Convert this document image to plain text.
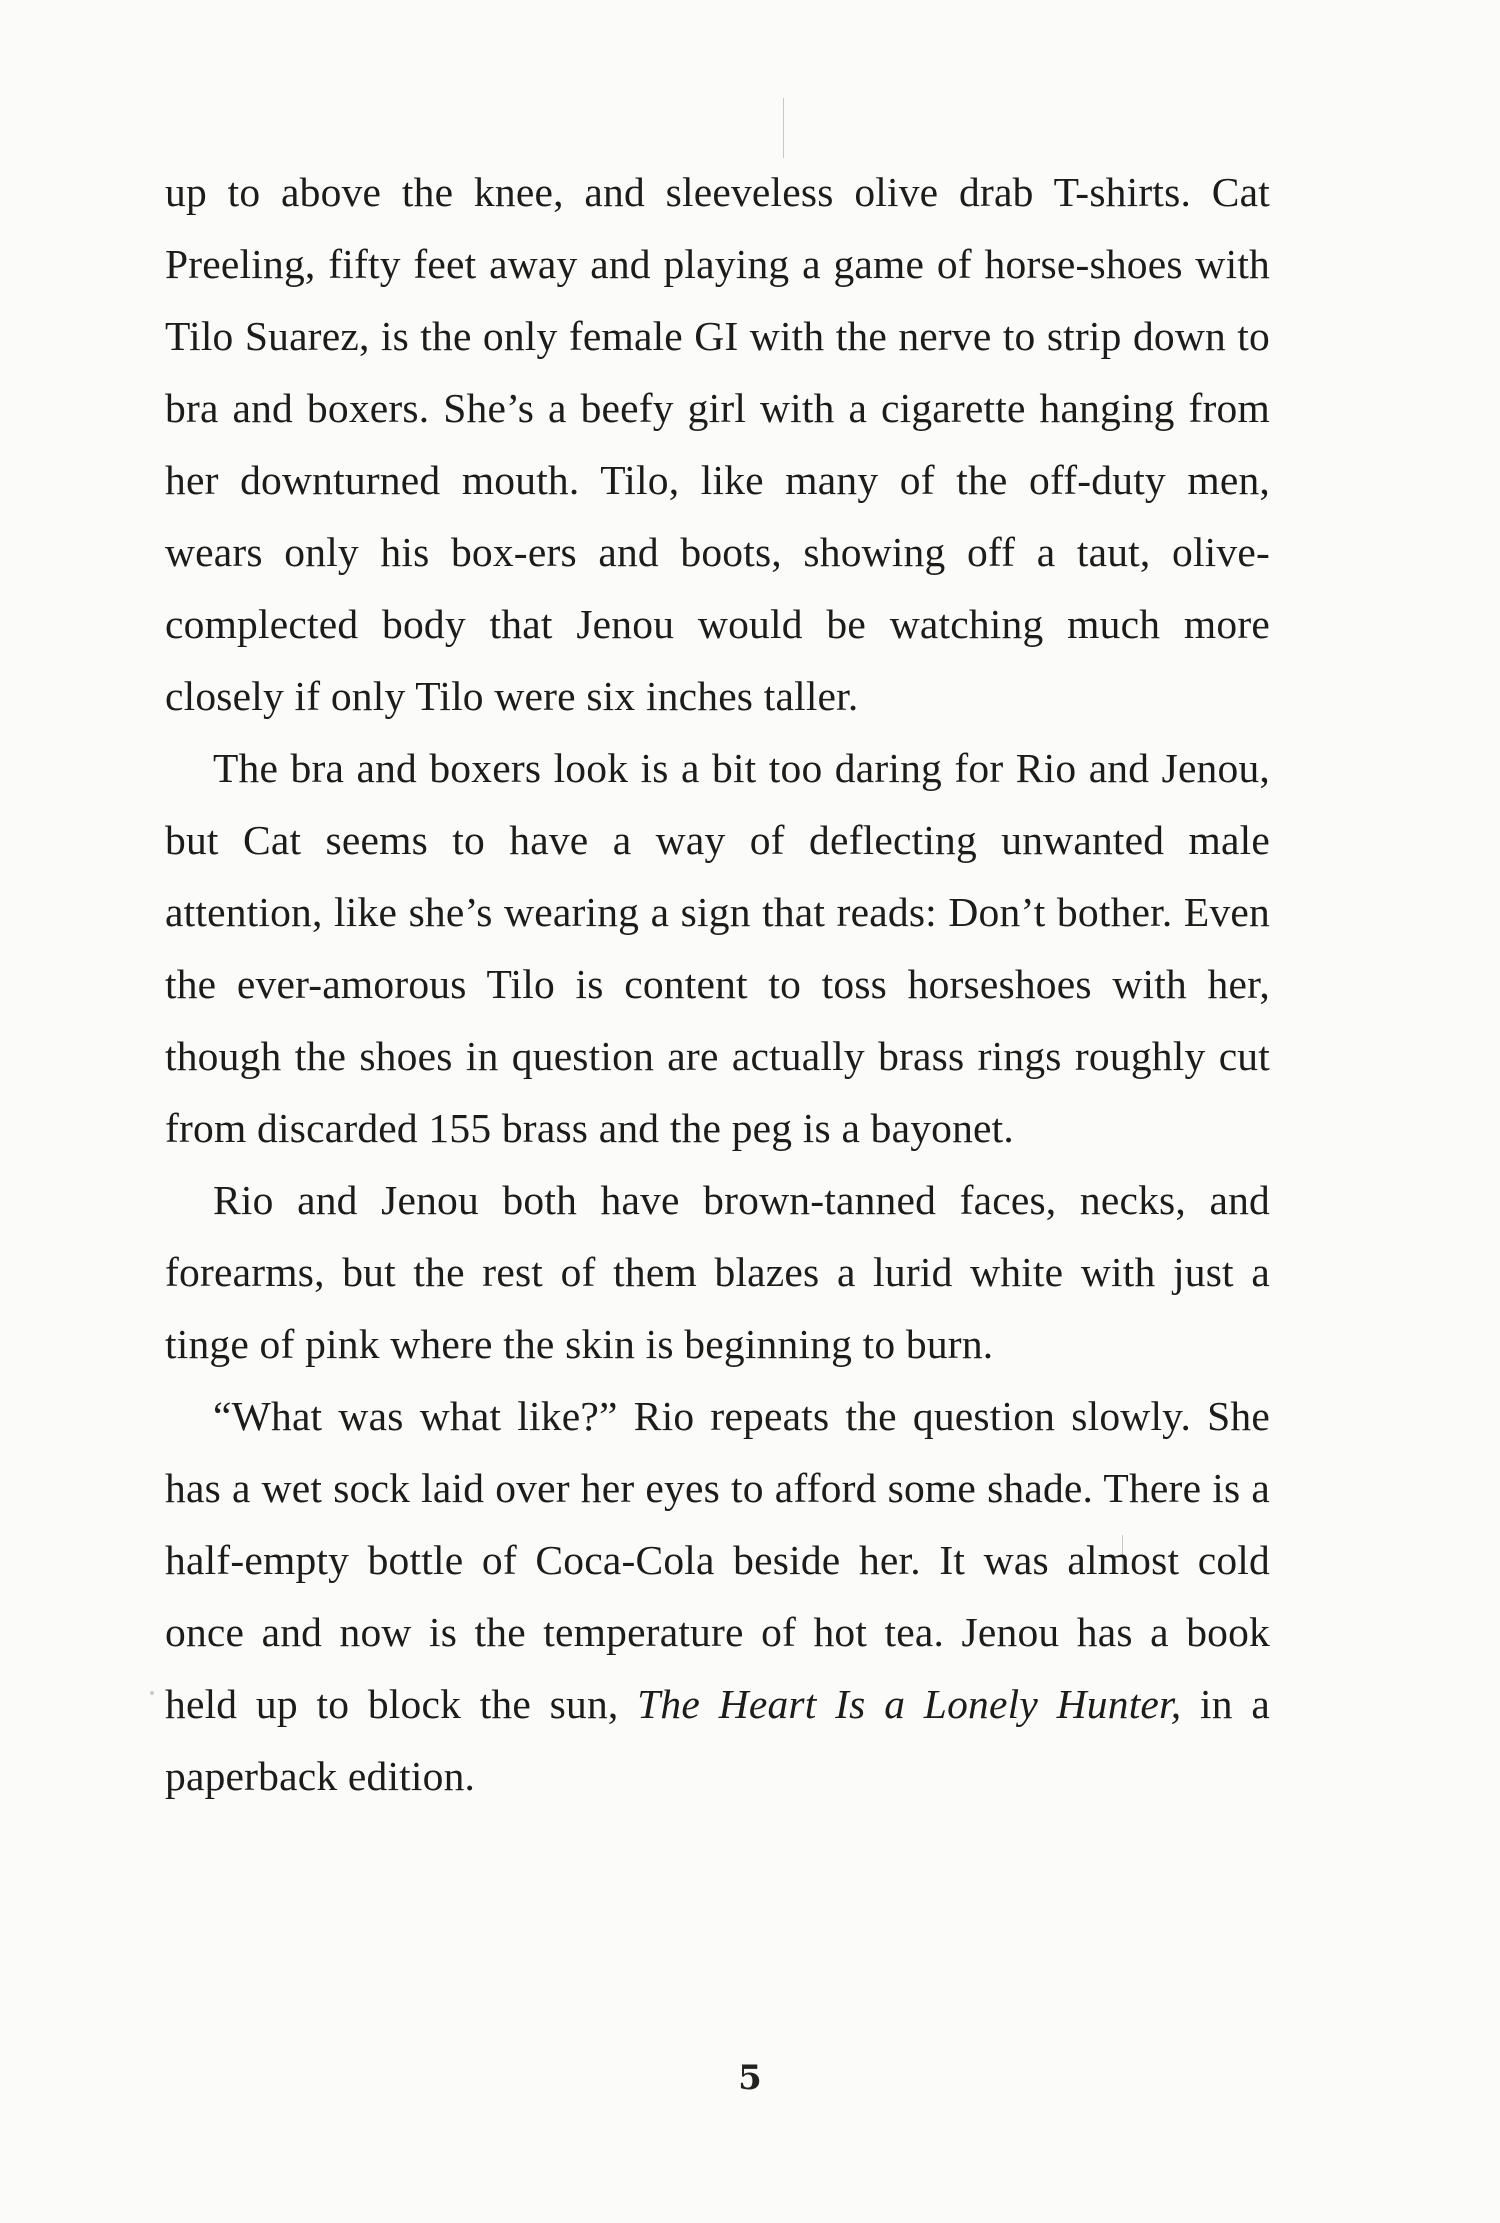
up to above the knee, and sleeveless olive drab T-shirts. Cat Preeling, fifty feet away and playing a game of horse-shoes with Tilo Suarez, is the only female GI with the nerve to strip down to bra and boxers. She’s a beefy girl with a cigarette hanging from her downturned mouth. Tilo, like many of the off-duty men, wears only his box-ers and boots, showing off a taut, olive-complected body that Jenou would be watching much more closely if only Tilo were six inches taller.

The bra and boxers look is a bit too daring for Rio and Jenou, but Cat seems to have a way of deflecting unwanted male attention, like she’s wearing a sign that reads: Don’t bother. Even the ever-amorous Tilo is content to toss horseshoes with her, though the shoes in question are actually brass rings roughly cut from discarded 155 brass and the peg is a bayonet.

Rio and Jenou both have brown-tanned faces, necks, and forearms, but the rest of them blazes a lurid white with just a tinge of pink where the skin is beginning to burn.

“What was what like?” Rio repeats the question slowly. She has a wet sock laid over her eyes to afford some shade. There is a half-empty bottle of Coca-Cola beside her. It was almost cold once and now is the temperature of hot tea. Jenou has a book held up to block the sun, The Heart Is a Lonely Hunter, in a paperback edition.

5
